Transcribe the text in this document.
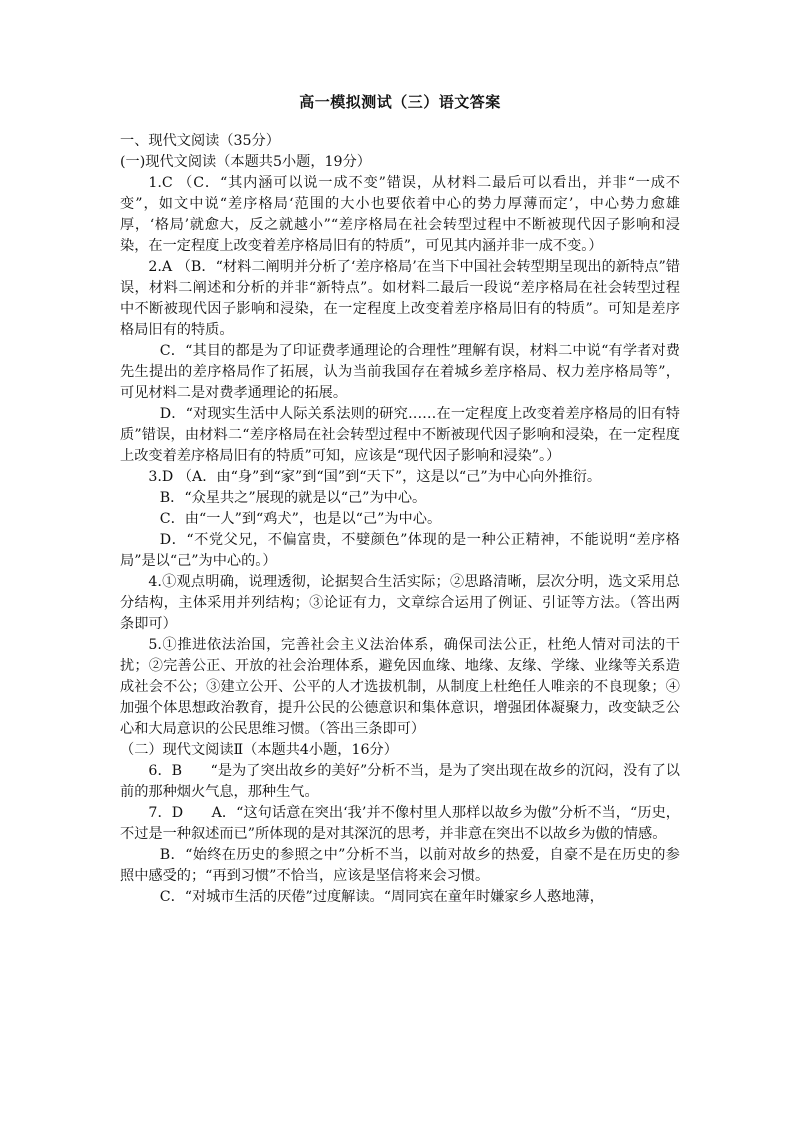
高一模拟测试（三）语文答案

一、现代文阅读（35分）

(一)现代文阅读（本题共5小题，19分）

1.C （C．“其内涵可以说一成不变”错误，从材料二最后可以看出，并非“一成不变”，如文中说“差序格局‘范围的大小也要依着中心的势力厚薄而定’，中心势力愈雄厚，‘格局’就愈大，反之就越小”“差序格局在社会转型过程中不断被现代因子影响和浸染，在一定程度上改变着差序格局旧有的特质”，可见其内涵并非一成不变。）

2.A （B．“材料二阐明并分析了‘差序格局’在当下中国社会转型期呈现出的新特点”错误，材料二阐述和分析的并非“新特点”。如材料二最后一段说“差序格局在社会转型过程中不断被现代因子影响和浸染，在一定程度上改变着差序格局旧有的特质”。可知是差序格局旧有的特质。

C．“其目的都是为了印证费孝通理论的合理性”理解有误，材料二中说“有学者对费先生提出的差序格局作了拓展，认为当前我国存在着城乡差序格局、权力差序格局等”，可见材料二是对费孝通理论的拓展。

D．“对现实生活中人际关系法则的研究……在一定程度上改变着差序格局的旧有特质”错误，由材料二“差序格局在社会转型过程中不断被现代因子影响和浸染，在一定程度上改变着差序格局旧有的特质”可知，应该是“现代因子影响和浸染”。）

3.D （A．由“身”到“家”到“国”到“天下”，这是以“己”为中心向外推衍。

B．“众星共之”展现的就是以“己”为中心。

C．由“一人”到“鸡犬”，也是以“己”为中心。

D．“不党父兄，不偏富贵，不嬖颜色”体现的是一种公正精神，不能说明“差序格局”是以“己”为中心的。）

4.①观点明确，说理透彻，论据契合生活实际；②思路清晰，层次分明，选文采用总分结构，主体采用并列结构；③论证有力，文章综合运用了例证、引证等方法。（答出两条即可）

5.①推进依法治国，完善社会主义法治体系，确保司法公正，杜绝人情对司法的干扰；②完善公正、开放的社会治理体系，避免因血缘、地缘、友缘、学缘、业缘等关系造成社会不公；③建立公开、公平的人才选拔机制，从制度上杜绝任人唯亲的不良现象；④加强个体思想政治教育，提升公民的公德意识和集体意识，增强团体凝聚力，改变缺乏公心和大局意识的公民思维习惯。（答出三条即可）

（二）现代文阅读Ⅱ（本题共4小题，16分）

6．B　　“是为了突出故乡的美好”分析不当，是为了突出现在故乡的沉闷，没有了以前的那种烟火气息，那种生气。

7．D　　A．“这句话意在突出‘我’并不像村里人那样以故乡为傲”分析不当，“历史，不过是一种叙述而已”所体现的是对其深沉的思考，并非意在突出不以故乡为傲的情感。

B．“始终在历史的参照之中”分析不当，以前对故乡的热爱，自豪不是在历史的参照中感受的；“再到习惯”不恰当，应该是坚信将来会习惯。

C．“对城市生活的厌倦”过度解读。“周同宾在童年时嫌家乡人憨地薄，
